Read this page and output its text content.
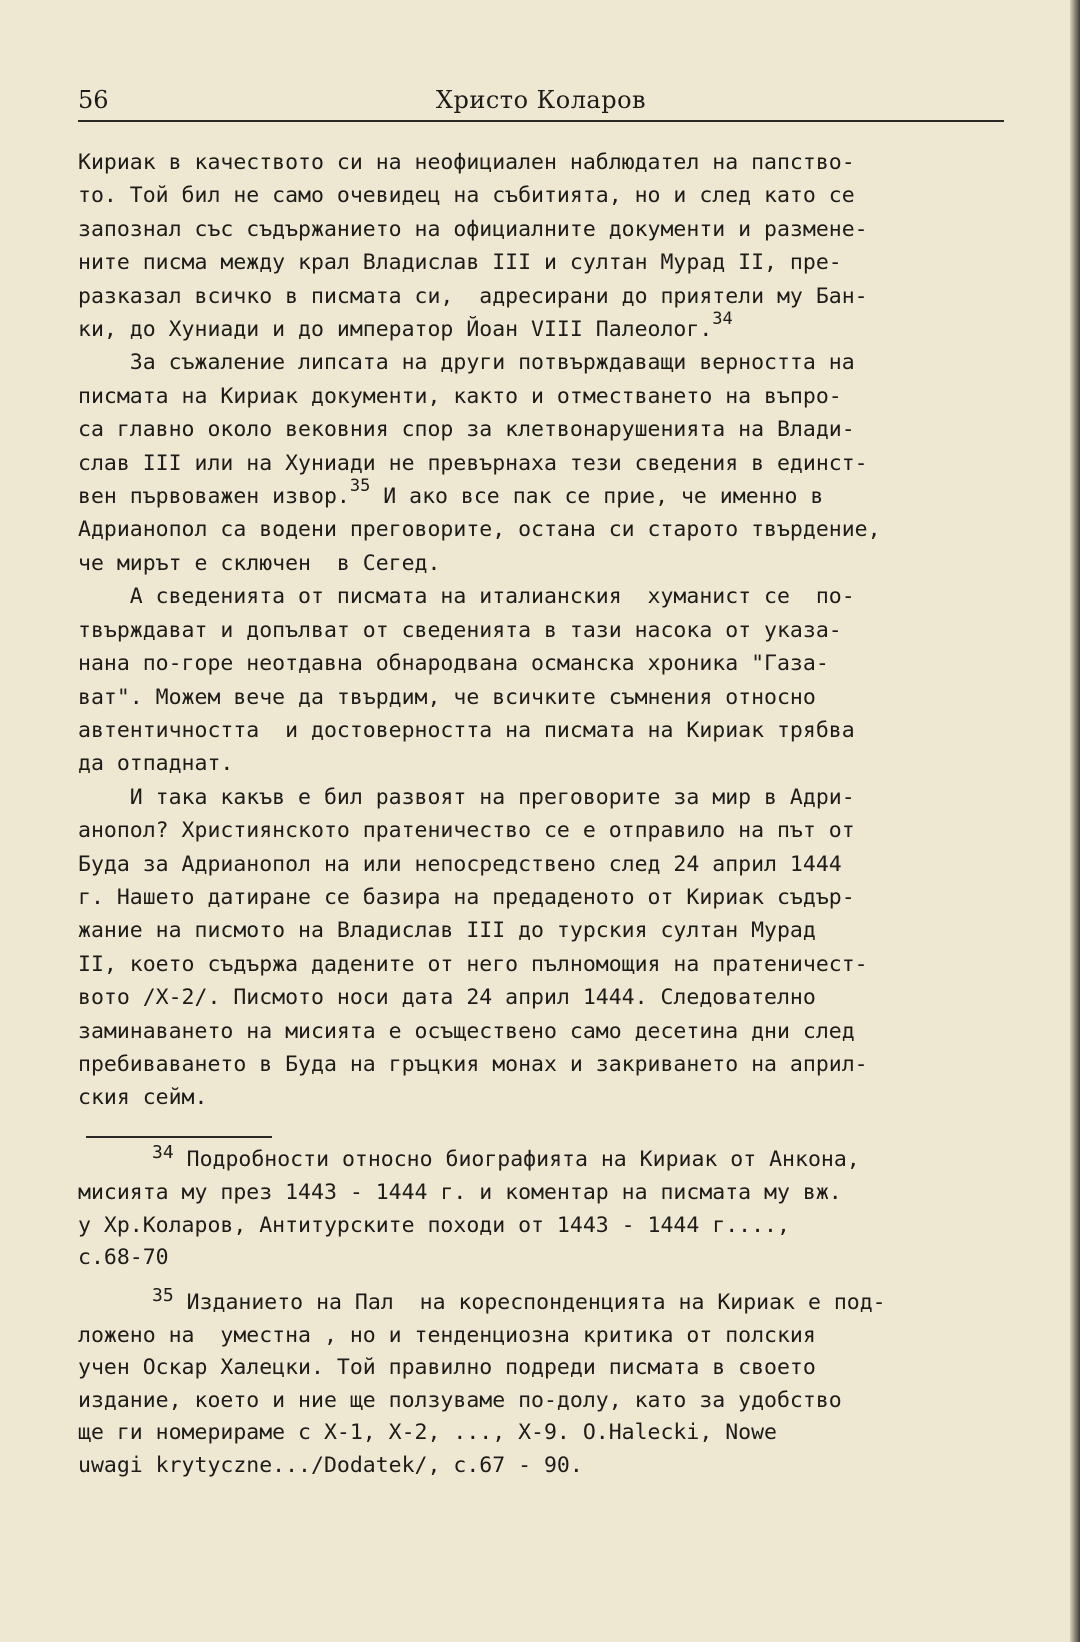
56	Христо Коларов
Кириак в качеството си на неофициален наблюдател на папство-
то. Той бил не само очевидец на събитията, но и след като се
запознал със съдържанието на официалните документи и размене-
ните писма между крал Владислав III и султан Мурад II, пре-
разказал всичко в писмата си,  адресирани до приятели му Бан-
ки, до Хуниади и до император Йоан VIII Палеолог.$^{34}$
За съжаление липсата на други потвърждаващи верността на
писмата на Кириак документи, както и отместването на въпро-
са главно около вековния спор за клетвонарушенията на Влади-
слав III или на Хуниади не превърнаха тези сведения в единст-
вен първоважен извор.$^{35}$ И ако все пак се прие, че именно в
Адрианопол са водени преговорите, остана си старото твърдение,
че мирът е сключен  в Сегед.
А сведенията от писмата на италианския  хуманист се  по-
твърждават и допълват от сведенията в тази насока от указа-
нана по-горе неотдавна обнародвана османска хроника "Газа-
ват". Можем вече да твърдим, че всичките съмнения относно
автентичността  и достоверността на писмата на Кириак трябва
да отпаднат.
И така какъв е бил развоят на преговорите за мир в Адри-
анопол? Християнското пратеничество се е отправило на път от
Буда за Адрианопол на или непосредствено след 24 април 1444
г. Нашето датиране се базира на предаденото от Кириак съдър-
жание на писмото на Владислав III до турския султан Мурад
II, което съдържа дадените от него пълномощия на пратеничест-
вото /X-2/. Писмото носи дата 24 април 1444. Следователно
заминаването на мисията е осъществено само десетина дни след
пребиваването в Буда на гръцкия монах и закриването на април-
ския сейм.
$^{34}$ Подробности относно биографията на Кириак от Анкона,
мисията му през 1443 - 1444 г. и коментар на писмата му вж.
у Хр.Коларов, Антитурските походи от 1443 - 1444 г....,
с.68-70
$^{35}$ Изданието на Пал  на кореспонденцията на Кириак е под-
ложено на  уместна , но и тенденциозна критика от полския
учен Оскар Халецки. Той правилно подреди писмата в своето
издание, което и ние ще ползуваме по-долу, като за удобство
ще ги номерираме с X-1, X-2, ..., X-9. O.Halecki, Nowe
uwagi krytyczne.../Dodatek/, c.67 - 90.
